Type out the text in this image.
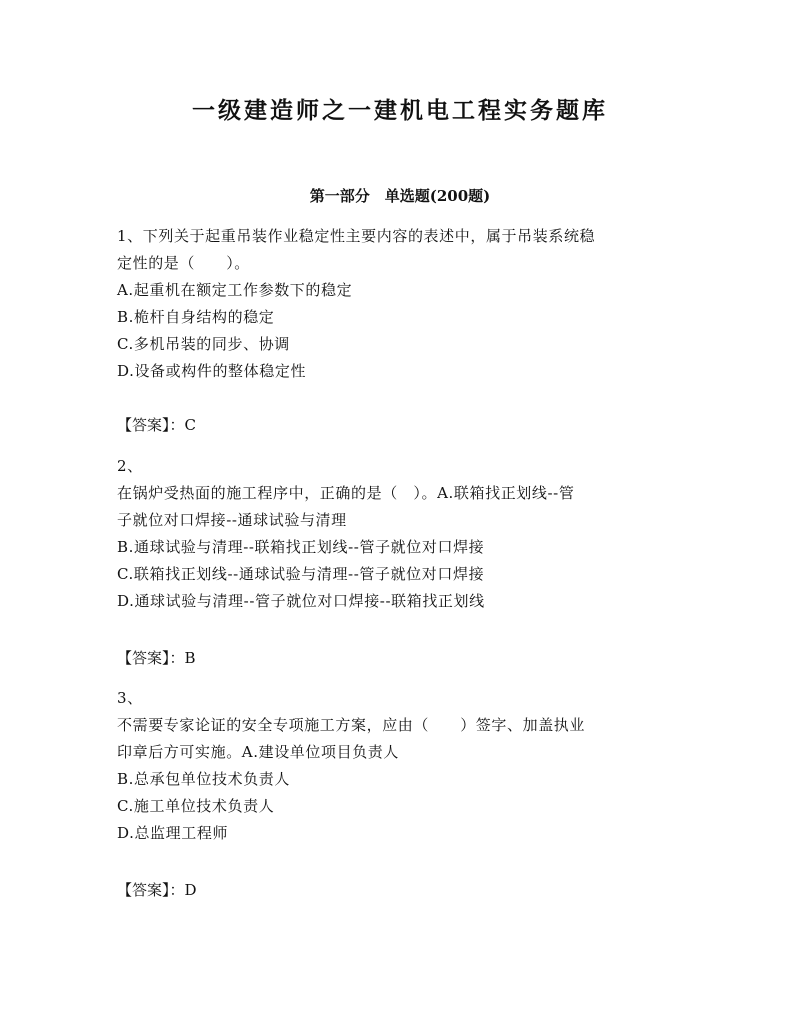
一级建造师之一建机电工程实务题库
第一部分　单选题(200题)
1、下列关于起重吊装作业稳定性主要内容的表述中，属于吊装系统稳
定性的是（　　）。
A.起重机在额定工作参数下的稳定
B.桅杆自身结构的稳定
C.多机吊装的同步、协调
D.设备或构件的整体稳定性
【答案】：C
2、
在锅炉受热面的施工程序中，正确的是（　）。A.联箱找正划线--管
子就位对口焊接--通球试验与清理
B.通球试验与清理--联箱找正划线--管子就位对口焊接
C.联箱找正划线--通球试验与清理--管子就位对口焊接
D.通球试验与清理--管子就位对口焊接--联箱找正划线
【答案】：B
3、
不需要专家论证的安全专项施工方案，应由（　　）签字、加盖执业
印章后方可实施。A.建设单位项目负责人
B.总承包单位技术负责人
C.施工单位技术负责人
D.总监理工程师
【答案】：D
